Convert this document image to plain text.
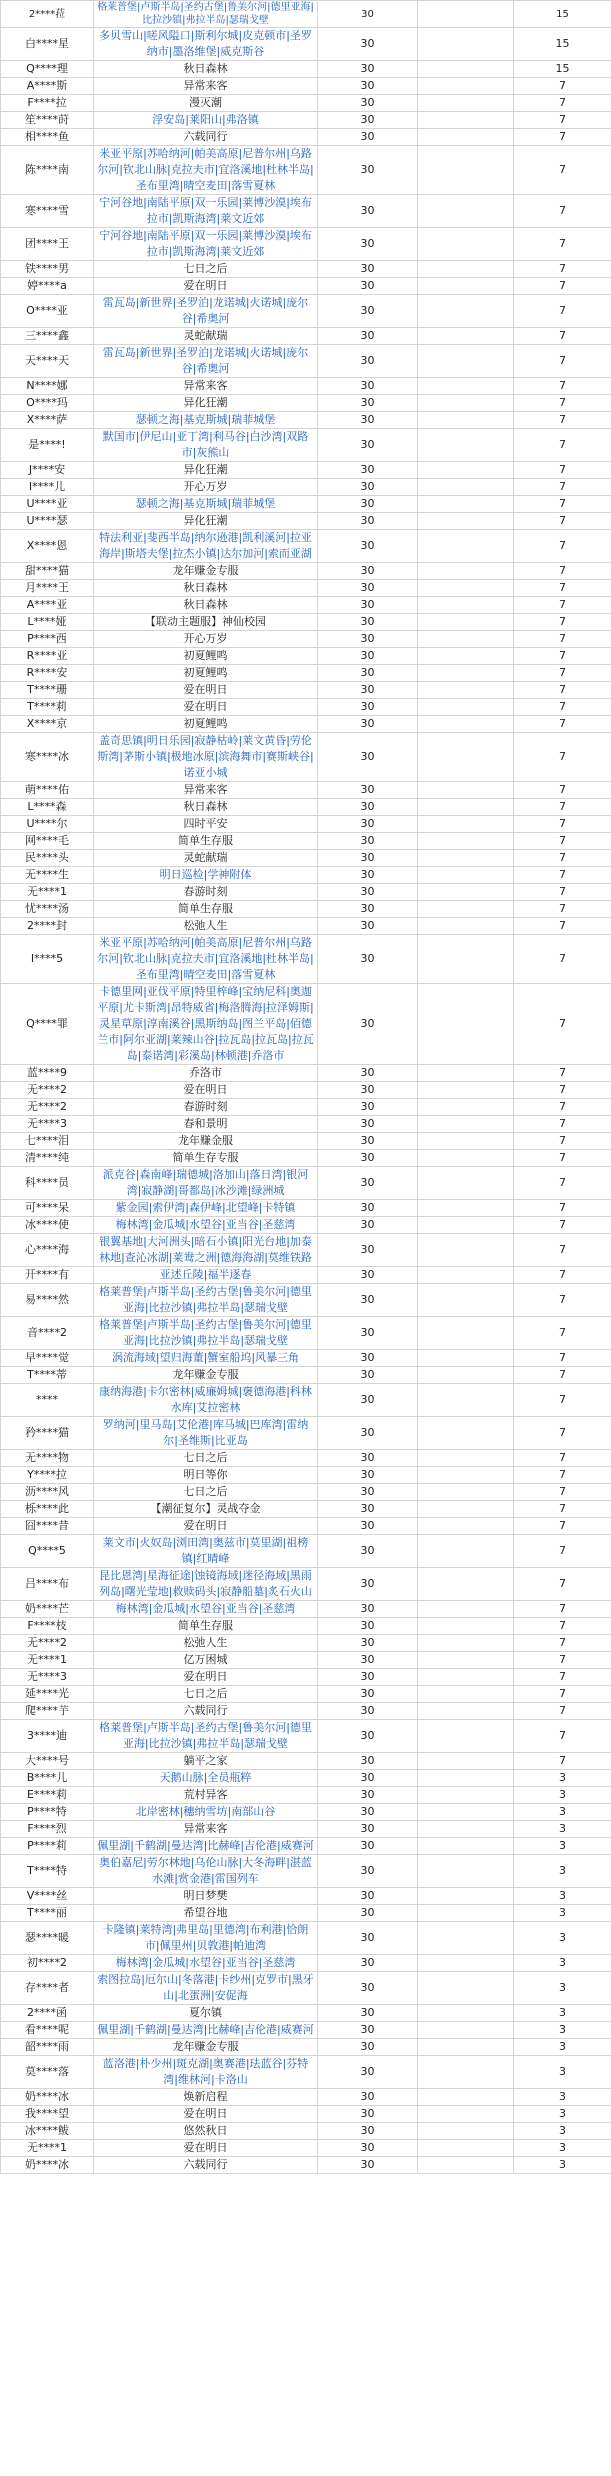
2****菈	格莱普堡|卢斯半岛|圣约古堡|鲁美尔河|德里亚海|比拉沙镇|弗拉半岛|瑟瑞戈壁	30		15
白****星	多贝雪山|嗟风隘口|斯利尔城|皮克顿市|圣罗纳市|墨洛维堡|威克斯谷	30		15
Q****理	秋日森林	30		15
A****斯	异常来客	30		7
F****拉	漫灭潮	30		7
笙****莳	浮安岛|莱阳山|弗洛镇	30		7
相****鱼	六载同行	30		7
陈****南	米亚平原|苏哈纳河|帕美高原|尼普尔州|乌路尔河|钦北山脉|克拉夫市|宜洛溪地|杜林半岛|圣布里湾|晴空麦田|落雪夏林	30		7
寒****雪	宁河谷地|南陆平原|双一乐园|莱博沙漠|埃布拉市|凯斯海湾|莱文近郊	30		7
团****王	宁河谷地|南陆平原|双一乐园|莱博沙漠|埃布拉市|凯斯海湾|莱文近郊	30		7
铁****男	七日之后	30		7
婷****a	爱在明日	30		7
O****亚	雷瓦岛|新世界|圣罗泊|龙诺城|火诺城|庞尔谷|希奥河	30		7
三****鑫	灵蛇献瑞	30		7
天****天	雷瓦岛|新世界|圣罗泊|龙诺城|火诺城|庞尔谷|希奥河	30		7
N****娜	异常来客	30		7
O****玛	异化狂潮	30		7
X****萨	瑟顿之海|基克斯城|瑞菲城堡	30		7
是****!	默国市|伊尼山|亚丁湾|利马谷|白沙湾|双路市|灰熊山	30		7
J****安	异化狂潮	30		7
I****儿	开心万岁	30		7
U****亚	瑟顿之海|基克斯城|瑞菲城堡	30		7
U****瑟	异化狂潮	30		7
X****恩	特法利亚|斐西半岛|纳尔逊港|凯利溪河|拉亚海岸|斯塔夫堡|拉杰小镇|达尔加河|索而亚湖	30		7
甜****猫	龙年赚金专服	30		7
月****王	秋日森林	30		7
A****亚	秋日森林	30		7
L****娅	【联动主题服】神仙校园	30		7
P****西	开心万岁	30		7
R****亚	初夏鲤鸣	30		7
R****安	初夏鲤鸣	30		7
T****珊	爱在明日	30		7
T****莉	爱在明日	30		7
X****京	初夏鲤鸣	30		7
寒****冰	盖奇思镇|明日乐园|寂静枯岭|莱文黄昏|劳伦斯湾|茅斯小镇|极地冰原|滨海舞市|赛斯峡谷|诺亚小城	30		7
萌****佑	异常来客	30		7
L****森	秋日森林	30		7
U****尔	四时平安	30		7
网****毛	简单生存服	30		7
民****头	灵蛇献瑞	30		7
无****生	明日巡检|学神附体	30		7
无****1	春游时刻	30		7
忧****汤	简单生存服	30		7
2****封	松弛人生	30		7
I****5	米亚平原|苏哈纳河|帕美高原|尼普尔州|乌路尔河|钦北山脉|克拉夫市|宜洛溪地|杜林半岛|圣布里湾|晴空麦田|落雪夏林	30		7
Q****罪	卡德里网|亚伐平原|特里梓峰|宝纳尼科|奥迦平原|尤卡斯湾|昂特威省|梅洛腾海|拉泽姆斯|灵星草原|淳南溪谷|黑斯纳岛|图兰平岛|佰德兰市|阿尔亚湖|莱辣山谷|拉瓦岛|拉瓦岛|拉瓦岛|泰诺湾|彩溪岛|林顿港|乔洛市	30		7
蓝****9	乔洛市	30		7
无****2	爱在明日	30		7
无****2	春游时刻	30		7
无****3	春和景明	30		7
七****泪	龙年赚金服	30		7
清****纯	简单生存专服	30		7
科****员	派克谷|森南峰|瑞德城|洛加山|落日湾|银河湾|寂静湖|哥都岛|冰沙滩|绿洲城	30		7
可****呆	紫金园|索伊湾|森伊峰|北望峰|卡特镇	30		7
冰****使	梅林湾|金瓜城|水望谷|亚当谷|圣慈湾	30		7
心****海	银翼基地|大河洲头|暗石小镇|阳光台地|加泰林地|查沁冰湖|莱鸯之洲|德海海湖|莫维铁路	30		7
开****有	亚述丘陵|福半逐春	30		7
易****然	格莱普堡|卢斯半岛|圣约古堡|鲁美尔河|德里亚海|比拉沙镇|弗拉半岛|瑟瑞戈壁	30		7
音****2	格莱普堡|卢斯半岛|圣约古堡|鲁美尔河|德里亚海|比拉沙镇|弗拉半岛|瑟瑞戈壁	30		7
早****觉	涡流海域|望归海董|蟹室船坞|风暴三角	30		7
T****蒂	龙年赚金专服	30		7
****	康纳海港|卡尔密林|威廉姆城|褒德海港|科林水库|艾拉密林	30		7
矜****猫	罗纳河|里马岛|艾伦港|库马城|巴库湾|雷纳尔|圣维斯|比亚岛	30		7
无****物	七日之后	30		7
Y****拉	明日等你	30		7
沥****风	七日之后	30		7
栎****此	【潮征复尔】灵战夺金	30		7
囧****昔	爱在明日	30		7
Q****5	莱文市|火奴岛|浏田湾|奥兹市|莫里湖|祖榜镇|红晴峰	30		7
吕****布	昆比恩湾|星海征途|蚀镜海域|迷径海域|黑雨列岛|曙光莹地|救赎码头|寂静船墓|炙石火山	30		7
奶****芒	梅林湾|金瓜城|水望谷|亚当谷|圣慈湾	30		7
F****枝	简单生存服	30		7
无****2	松弛人生	30		7
无****1	亿万困城	30		7
无****3	爱在明日	30		7
延****光	七日之后	30		7
爬****芋	六载同行	30		7
3****迪	格莱普堡|卢斯半岛|圣约古堡|鲁美尔河|德里亚海|比拉沙镇|弗拉半岛|瑟瑞戈壁	30		7
大****号	躺平之家	30		7
B****儿	天鹅山脉|全员瓶粹	30		3
E****莉	荒村异客	30		3
P****特	北岸密林|穗纳雪坊|南部山谷	30		3
F****烈	异常来客	30		3
P****莉	佩里湖|千鹤湖|曼达湾|比赫峰|吉伦港|威赛河	30		3
T****特	奥伯嘉尼|劳尔林地|乌伦山脉|大冬海畔|湛蓝水滩|赏金港|雷国列车	30		3
V****丝	明日梦樊	30		3
T****丽	希望谷地	30		3
瑟****暖	卡隆镇|莱特湾|弗里岛|里德湾|布利港|恰朗市|佩里州|贝敦港|帕迪湾	30		3
初****2	梅林湾|金瓜城|水望谷|亚当谷|圣慈湾	30		3
存****者	索图拉岛|厄尔山|冬落港|卡纱州|克罗市|黑牙山|北蛋洲|安促海	30		3
2****函	夏尔镇	30		3
看****呢	佩里湖|千鹤湖|曼达湾|比赫峰|吉伦港|威赛河	30		3
韶****雨	龙年赚金专服	30		3
莫****落	蓝洛港|朴少州|斑克湖|奥赛港|珐蓝谷|芬特湾|维林河|卡洛山	30		3
奶****冰	焕新启程	30		3
我****望	爱在明日	30		3
冰****鲅	悠然秋日	30		3
无****1	爱在明日	30		3
奶****冰	六载同行	30		3
